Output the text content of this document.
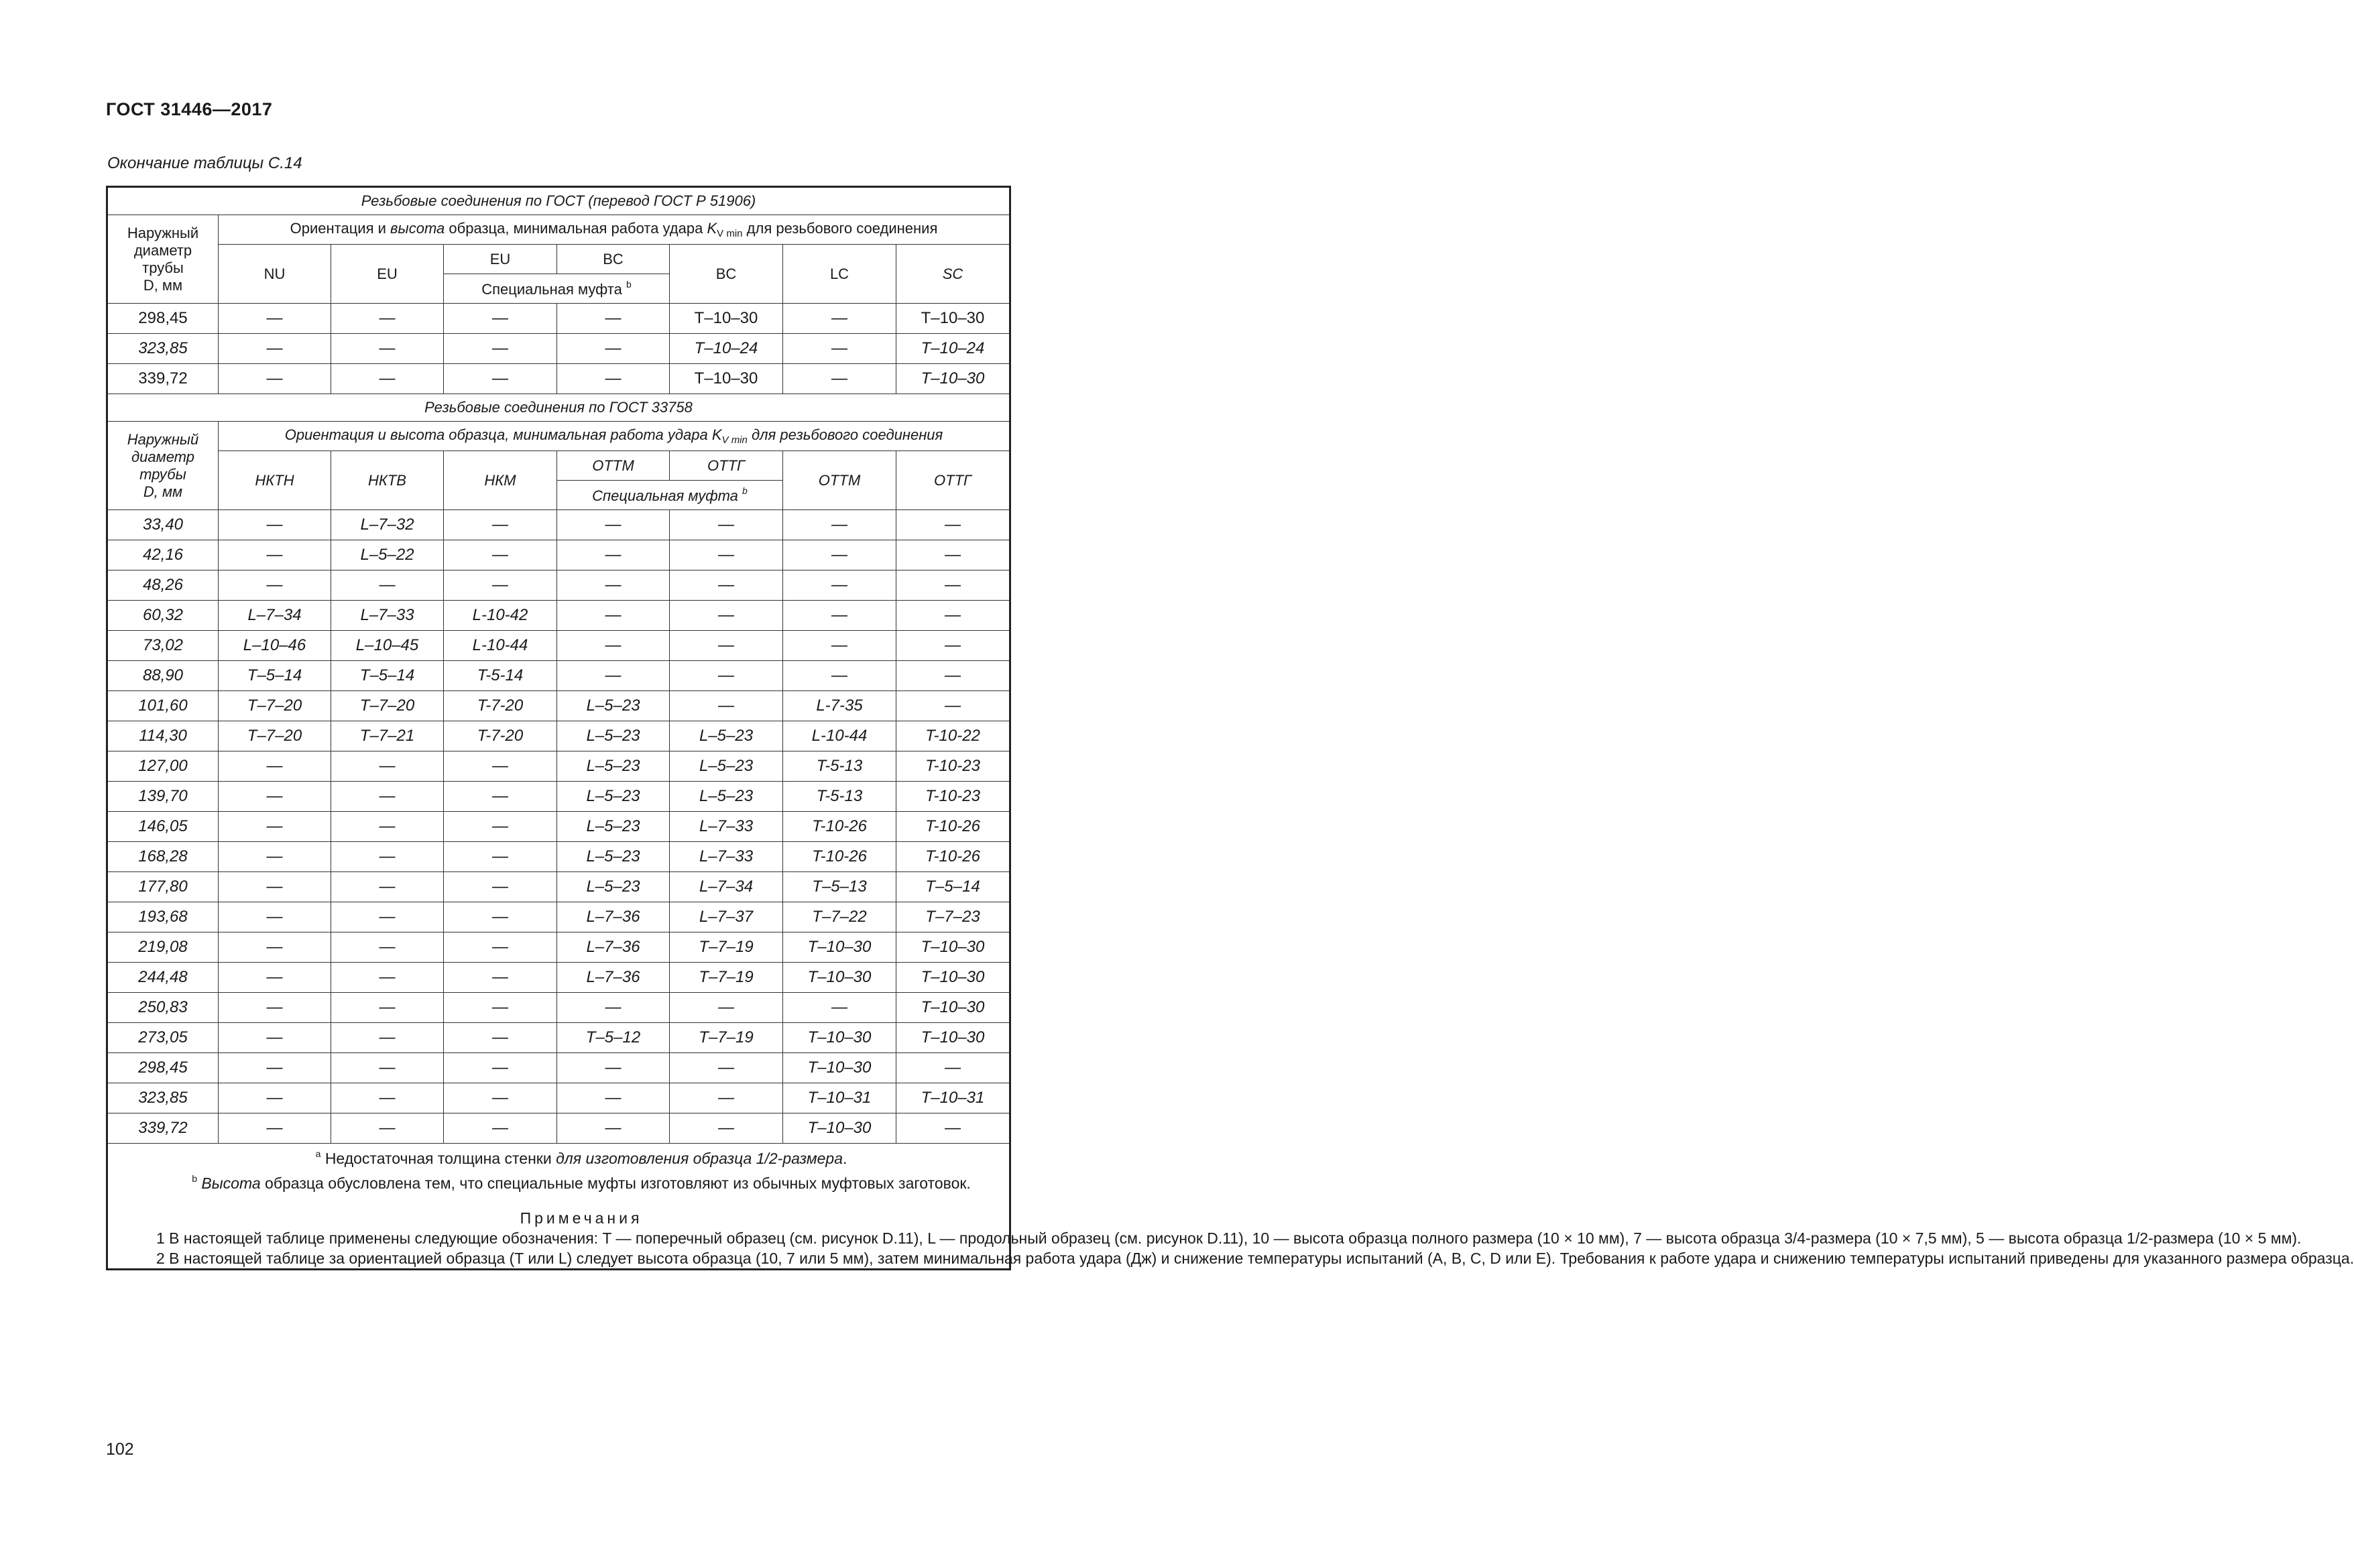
ГОСТ 31446—2017
Окончание таблицы С.14
Резьбовые соединения по ГОСТ (перевод ГОСТ Р 51906)							

Наружный
диаметр
трубы
D, мм	Ориентация и высота образца, минимальная работа удара $K_{V min}$ для резьбового соединения						
	NU	EU	EU	BC	BC	LC	SC
			Специальная муфта $^b$
298,45	—	—	—	—	T–10–30	—	T–10–30
323,85	—	—	—	—	T–10–24	—	T–10–24
339,72	—	—	—	—	T–10–30	—	T–10–30
Резьбовые соединения по ГОСТ 33758							

Наружный
диаметр
трубы
D, мм	Ориентация и высота образца, минимальная работа удара $K_{V min}$ для резьбового соединения						
	НКТН	НКТВ	НКМ	ОТТМ	ОТТГ	ОТТМ	ОТТГ
				Специальная муфта $^b$
33,40	—	L–7–32	—	—	—	—	—
42,16	—	L–5–22	—	—	—	—	—
48,26	—	—	—	—	—	—	—
60,32	L–7–34	L–7–33	L-10-42	—	—	—	—
73,02	L–10–46	L–10–45	L-10-44	—	—	—	—
88,90	T–5–14	T–5–14	T-5-14	—	—	—	—
101,60	T–7–20	T–7–20	T-7-20	L–5–23	—	L-7-35	—
114,30	T–7–20	T–7–21	T-7-20	L–5–23	L–5–23	L-10-44	T-10-22
127,00	—	—	—	L–5–23	L–5–23	T-5-13	T-10-23
139,70	—	—	—	L–5–23	L–5–23	T-5-13	T-10-23
146,05	—	—	—	L–5–23	L–7–33	T-10-26	T-10-26
168,28	—	—	—	L–5–23	L–7–33	T-10-26	T-10-26
177,80	—	—	—	L–5–23	L–7–34	T–5–13	T–5–14
193,68	—	—	—	L–7–36	L–7–37	T–7–22	T–7–23
219,08	—	—	—	L–7–36	T–7–19	T–10–30	T–10–30
244,48	—	—	—	L–7–36	T–7–19	T–10–30	T–10–30
250,83	—	—	—	—	—	—	T–10–30
273,05	—	—	—	T–5–12	T–7–19	T–10–30	T–10–30
298,45	—	—	—	—	—	T–10–30	—
323,85	—	—	—	—	—	T–10–31	T–10–31
339,72	—	—	—	—	—	T–10–30	—

$^a$ Недостаточная толщина стенки для изготовления образца 1/2-размера.
$^b$ Высота образца обусловлена тем, что специальные муфты изготовляют из обычных муфтовых заготовок.
Примечания
1 В настоящей таблице применены следующие обозначения: T — поперечный образец (см. рисунок D.11), L — продольный образец (см. рисунок D.11), 10 — высота образца полного размера (10 × 10 мм), 7 — высота образца 3/4-размера (10 × 7,5 мм), 5 — высота образца 1/2-размера (10 × 5 мм).
2 В настоящей таблице за ориентацией образца (T или L) следует высота образца (10, 7 или 5 мм), затем минимальная работа удара (Дж) и снижение температуры испытаний (A, B, C, D или E). Требования к работе удара и снижению температуры испытаний приведены для указанного размера образца.							
102
